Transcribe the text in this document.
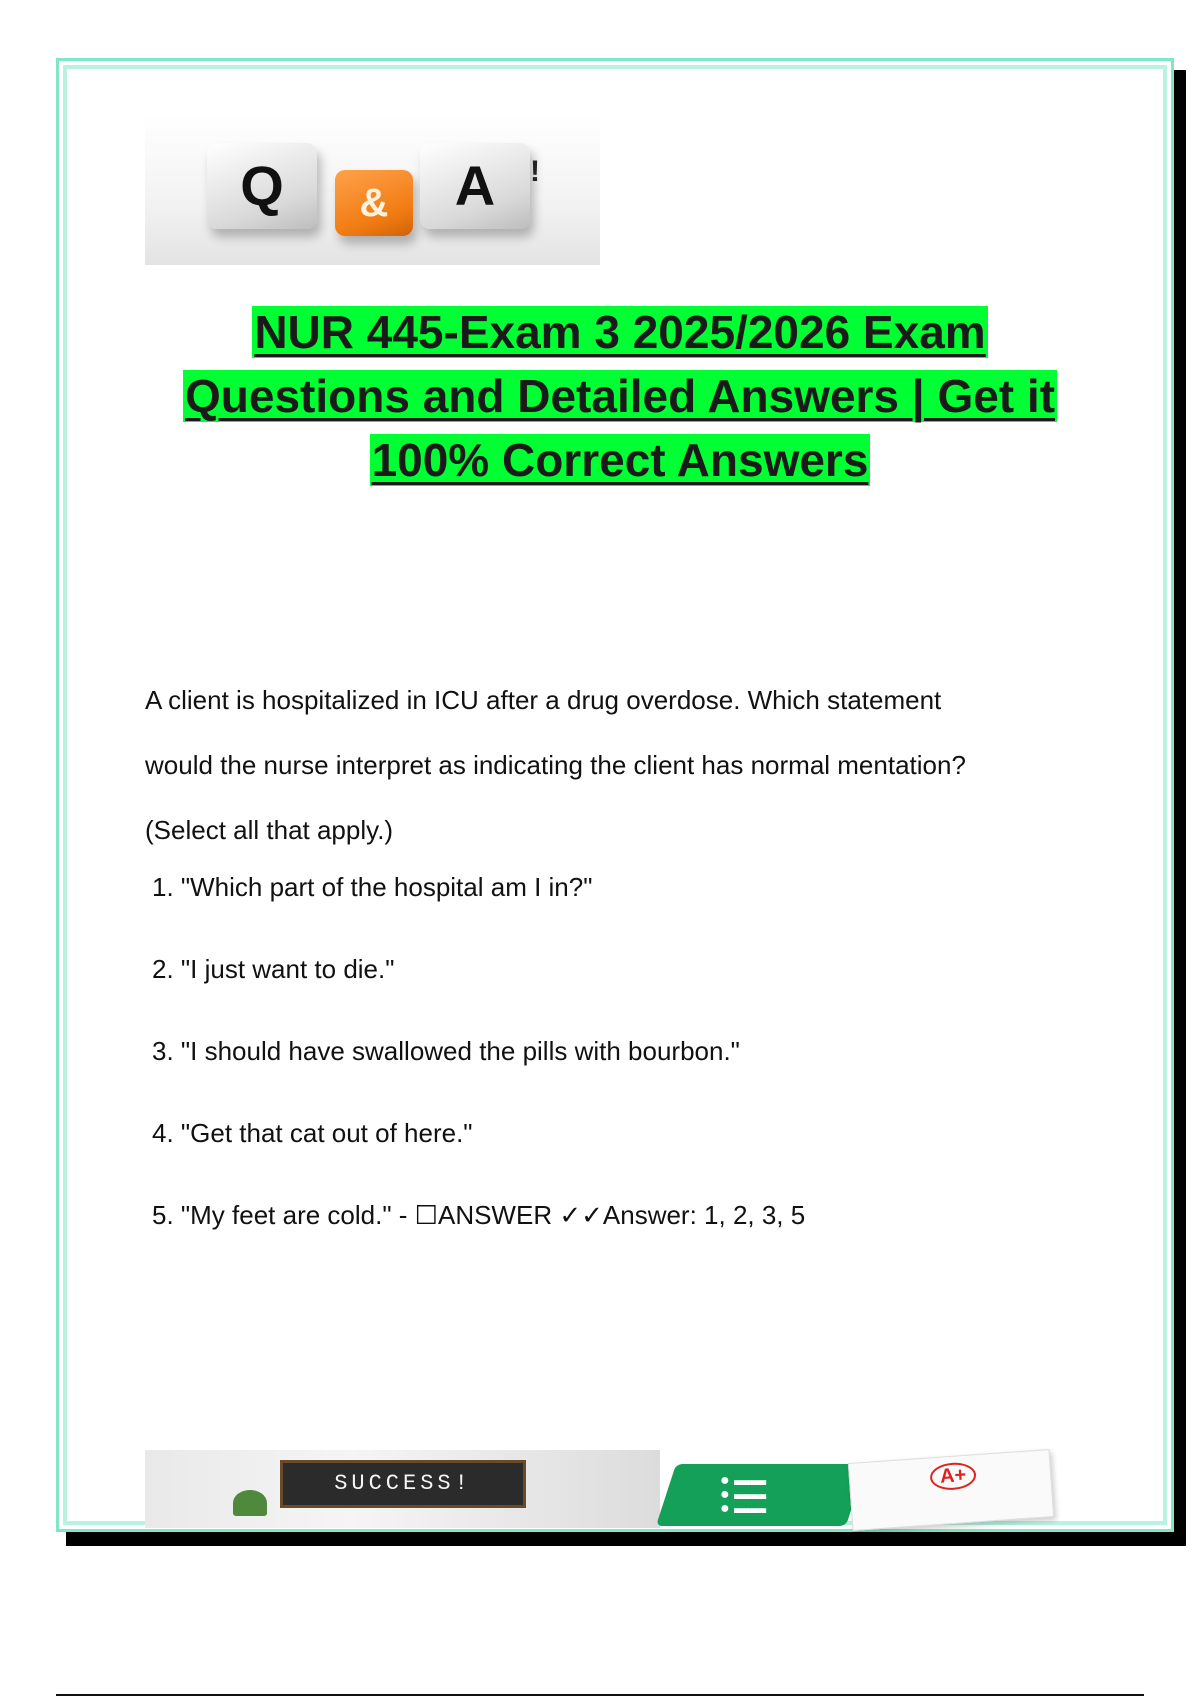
Q	&	A	!
NUR 445-Exam 3 2025/2026 Exam
Questions and Detailed Answers | Get it
100% Correct Answers
A client is hospitalized in ICU after a drug overdose. Which statement
would the nurse interpret as indicating the client has normal mentation?
(Select all that apply.)
1. "Which part of the hospital am I in?"
2. "I just want to die."
3. "I should have swallowed the pills with bourbon."
4. "Get that cat out of here."
5. "My feet are cold." - ☐ANSWER ✓✓Answer: 1, 2, 3, 5
SUCCESS!	● ▬▬
● ▬▬
● ▬▬
A+
